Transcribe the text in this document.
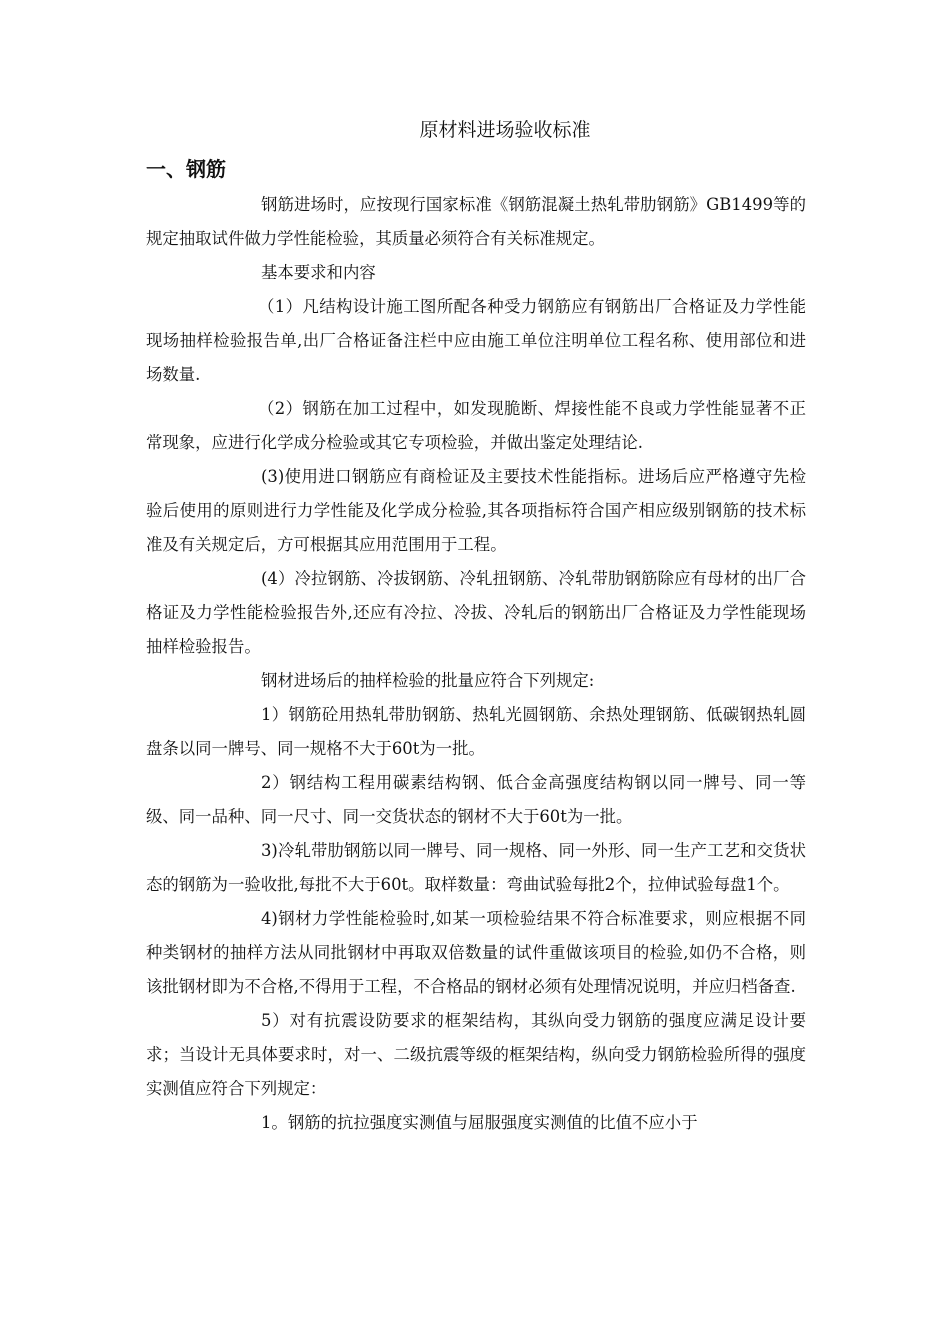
原材料进场验收标准
一、钢筋

钢筋进场时，应按现行国家标准《钢筋混凝土热轧带肋钢筋》GB1499等的规定抽取试件做力学性能检验，其质量必须符合有关标准规定。

基本要求和内容

（1）凡结构设计施工图所配各种受力钢筋应有钢筋出厂合格证及力学性能现场抽样检验报告单,出厂合格证备注栏中应由施工单位注明单位工程名称、使用部位和进场数量.

（2）钢筋在加工过程中，如发现脆断、焊接性能不良或力学性能显著不正常现象，应进行化学成分检验或其它专项检验，并做出鉴定处理结论.

(3)使用进口钢筋应有商检证及主要技术性能指标。进场后应严格遵守先检验后使用的原则进行力学性能及化学成分检验,其各项指标符合国产相应级别钢筋的技术标准及有关规定后，方可根据其应用范围用于工程。

(4）冷拉钢筋、冷拔钢筋、冷轧扭钢筋、冷轧带肋钢筋除应有母材的出厂合格证及力学性能检验报告外,还应有冷拉、冷拔、冷轧后的钢筋出厂合格证及力学性能现场抽样检验报告。

钢材进场后的抽样检验的批量应符合下列规定:

1）钢筋砼用热轧带肋钢筋、热轧光圆钢筋、余热处理钢筋、低碳钢热轧圆盘条以同一牌号、同一规格不大于60t为一批。

2）钢结构工程用碳素结构钢、低合金高强度结构钢以同一牌号、同一等级、同一品种、同一尺寸、同一交货状态的钢材不大于60t为一批。

3)冷轧带肋钢筋以同一牌号、同一规格、同一外形、同一生产工艺和交货状态的钢筋为一验收批,每批不大于60t。取样数量：弯曲试验每批2个，拉伸试验每盘1个。

4)钢材力学性能检验时,如某一项检验结果不符合标准要求，则应根据不同种类钢材的抽样方法从同批钢材中再取双倍数量的试件重做该项目的检验,如仍不合格，则该批钢材即为不合格,不得用于工程，不合格品的钢材必须有处理情况说明，并应归档备查.

5）对有抗震设防要求的框架结构，其纵向受力钢筋的强度应满足设计要求；当设计无具体要求时，对一、二级抗震等级的框架结构，纵向受力钢筋检验所得的强度实测值应符合下列规定：

1。钢筋的抗拉强度实测值与屈服强度实测值的比值不应小于
